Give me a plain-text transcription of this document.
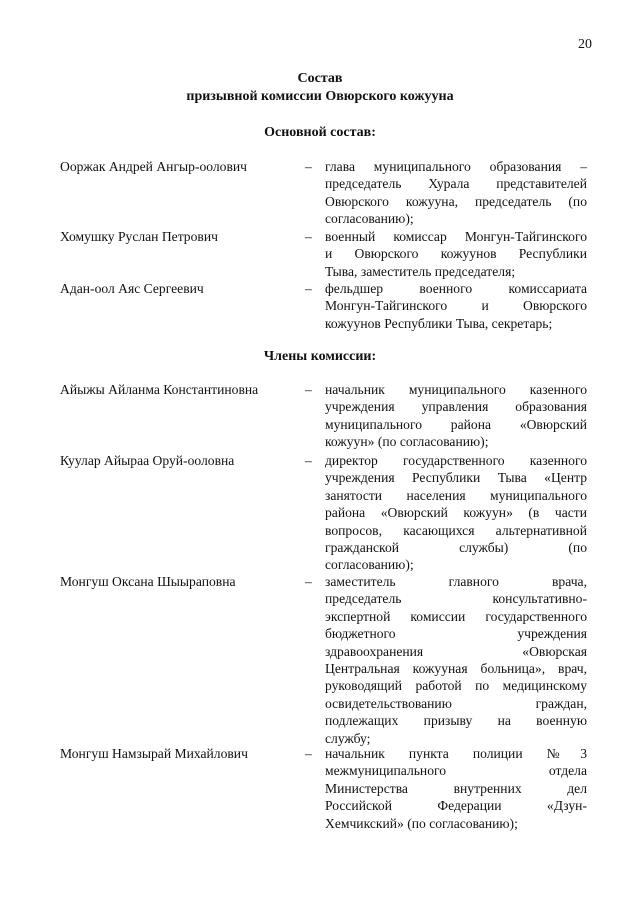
20
Состав
призывной комиссии Овюрского кожууна
Основной состав:
Ооржак Андрей Ангыр-оолович	– глава муниципального образования –
председатель Хурала представителей
Овюрского кожууна, председатель (по
согласованию);
Хомушку Руслан Петрович	– военный комиссар Монгун-Тайгинского
и Овюрского кожуунов Республики
Тыва, заместитель председателя;
Адан-оол Аяс Сергеевич	– фельдшер военного комиссариата
Монгун-Тайгинского и Овюрского
кожуунов Республики Тыва, секретарь;
Члены комиссии:
Айыжы Айланма Константиновна	– начальник муниципального казенного
учреждения управления образования
муниципального района «Овюрский
кожуун» (по согласованию);
Куулар Айыраа Оруй-ооловна	– директор государственного казенного
учреждения Республики Тыва «Центр
занятости населения муниципального
района «Овюрский кожуун» (в части
вопросов, касающихся альтернативной
гражданской службы) (по
согласованию);
Монгуш Оксана Шыыраповна	– заместитель главного врача,
председатель консультативно-
экспертной комиссии государственного
бюджетного учреждения
здравоохранения «Овюрская
Центральная кожууная больница», врач,
руководящий работой по медицинскому
освидетельствованию граждан,
подлежащих призыву на военную
службу;
Монгуш Намзырай Михайлович	– начальник пункта полиции №3
межмуниципального отдела
Министерства внутренних дел
Российской Федерации «Дзун-
Хемчикский» (по согласованию);
